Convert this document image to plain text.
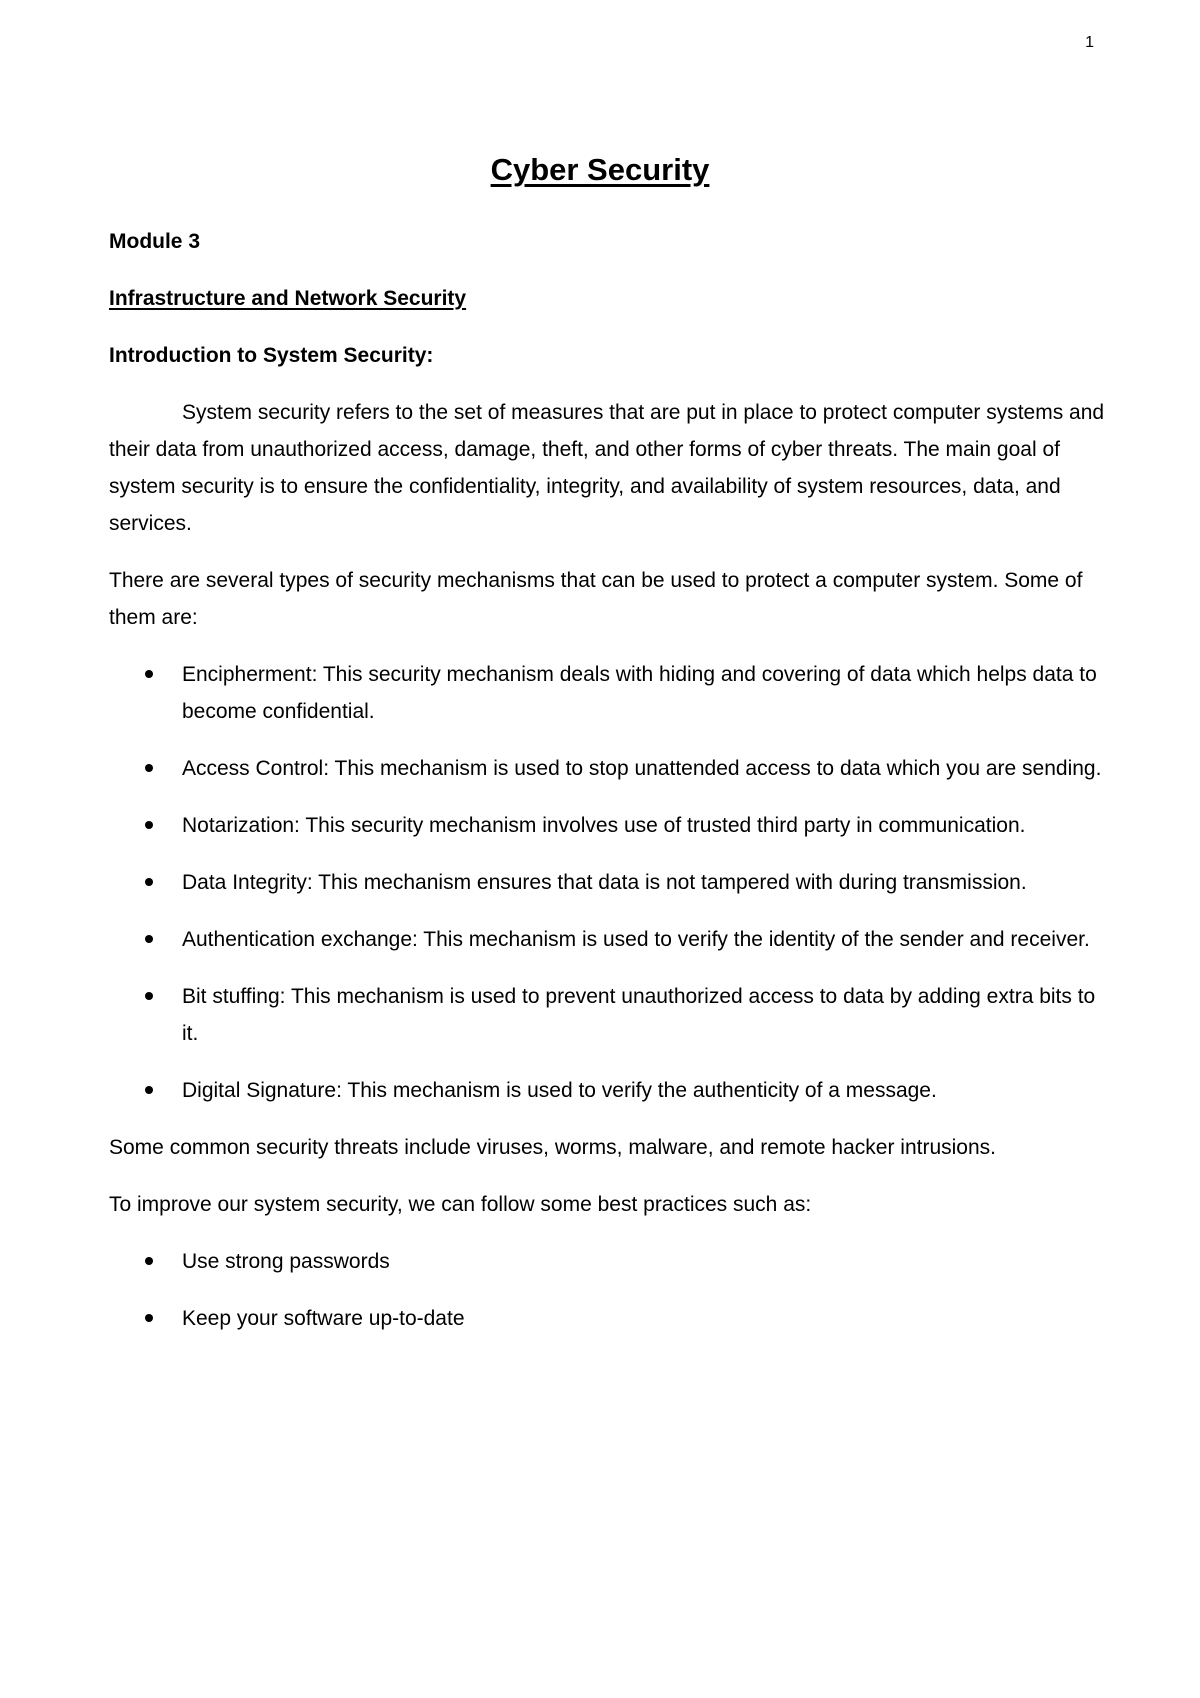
1
Cyber Security
Module 3
Infrastructure and Network Security
Introduction to System Security:

System security refers to the set of measures that are put in place to protect computer systems and their data from unauthorized access, damage, theft, and other forms of cyber threats. The main goal of system security is to ensure the confidentiality, integrity, and availability of system resources, data, and services.

There are several types of security mechanisms that can be used to protect a computer system. Some of them are:

Encipherment: This security mechanism deals with hiding and covering of data which helps data to become confidential.
Access Control: This mechanism is used to stop unattended access to data which you are sending.
Notarization: This security mechanism involves use of trusted third party in communication.
Data Integrity: This mechanism ensures that data is not tampered with during transmission.
Authentication exchange: This mechanism is used to verify the identity of the sender and receiver.
Bit stuffing: This mechanism is used to prevent unauthorized access to data by adding extra bits to it.
Digital Signature: This mechanism is used to verify the authenticity of a message.

Some common security threats include viruses, worms, malware, and remote hacker intrusions.

To improve our system security, we can follow some best practices such as:

Use strong passwords
Keep your software up-to-date
